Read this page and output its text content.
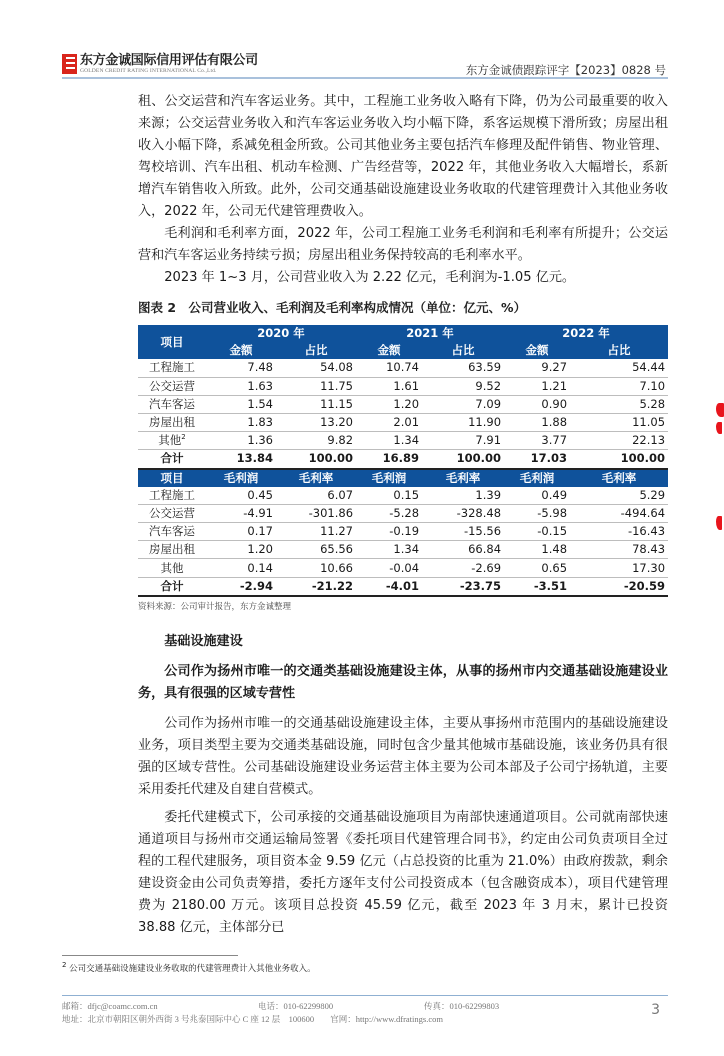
东方金诚国际信用评估有限公司
GOLDEN CREDIT RATING INTERNATIONAL Co.,Ltd.	东方金诚债跟踪评字【2023】0828 号

租、公交运营和汽车客运业务。其中，工程施工业务收入略有下降，仍为公司最重要的收入来源；公交运营业务收入和汽车客运业务收入均小幅下降，系客运规模下滑所致；房屋出租收入小幅下降，系减免租金所致。公司其他业务主要包括汽车修理及配件销售、物业管理、驾校培训、汽车出租、机动车检测、广告经营等，2022 年，其他业务收入大幅增长，系新增汽车销售收入所致。此外，公司交通基础设施建设业务收取的代建管理费计入其他业务收入，2022 年，公司无代建管理费收入。

毛利润和毛利率方面，2022 年，公司工程施工业务毛利润和毛利率有所提升；公交运营和汽车客运业务持续亏损；房屋出租业务保持较高的毛利率水平。

2023 年 1~3 月，公司营业收入为 2.22 亿元，毛利润为-1.05 亿元。

图表 2　公司营业收入、毛利润及毛利率构成情况（单位：亿元、%）
项目	2020 年		2021 年		2022 年	
	金额	占比	金额	占比	金额	占比
工程施工	7.48	54.08	10.74	63.59	9.27	54.44
公交运营	1.63	11.75	1.61	9.52	1.21	7.10
汽车客运	1.54	11.15	1.20	7.09	0.90	5.28
房屋出租	1.83	13.20	2.01	11.90	1.88	11.05
其他$^2$	1.36	9.82	1.34	7.91	3.77	22.13
合计	13.84	100.00	16.89	100.00	17.03	100.00
项目	毛利润	毛利率	毛利润	毛利率	毛利润	毛利率
工程施工	0.45	6.07	0.15	1.39	0.49	5.29
公交运营	-4.91	-301.86	-5.28	-328.48	-5.98	-494.64
汽车客运	0.17	11.27	-0.19	-15.56	-0.15	-16.43
房屋出租	1.20	65.56	1.34	66.84	1.48	78.43
其他	0.14	10.66	-0.04	-2.69	0.65	17.30
合计	-2.94	-21.22	-4.01	-23.75	-3.51	-20.59
资料来源：公司审计报告，东方金诚整理

基础设施建设

公司作为扬州市唯一的交通类基础设施建设主体，从事的扬州市内交通基础设施建设业务，具有很强的区域专营性

公司作为扬州市唯一的交通基础设施建设主体，主要从事扬州市范围内的基础设施建设业务，项目类型主要为交通类基础设施，同时包含少量其他城市基础设施，该业务仍具有很强的区域专营性。公司基础设施建设业务运营主体主要为公司本部及子公司宁扬轨道，主要采用委托代建及自建自营模式。

委托代建模式下，公司承接的交通基础设施项目为南部快速通道项目。公司就南部快速通道项目与扬州市交通运输局签署《委托项目代建管理合同书》，约定由公司负责项目全过程的工程代建服务，项目资本金 9.59 亿元（占总投资的比重为 21.0%）由政府拨款，剩余建设资金由公司负责筹措，委托方逐年支付公司投资成本（包含融资成本），项目代建管理费为 2180.00 万元。该项目总投资 45.59 亿元，截至 2023 年 3 月末，累计已投资 38.88 亿元，主体部分已

$^2$ 公司交通基础设施建设业务收取的代建管理费计入其他业务收入。
邮箱：dfjc@coamc.com.cn	电话：010-62299800	传真：010-62299803
地址：北京市朝阳区朝外西街 3 号兆泰国际中心 C 座 12 层　100600 官网：http://www.dfratings.com
3
